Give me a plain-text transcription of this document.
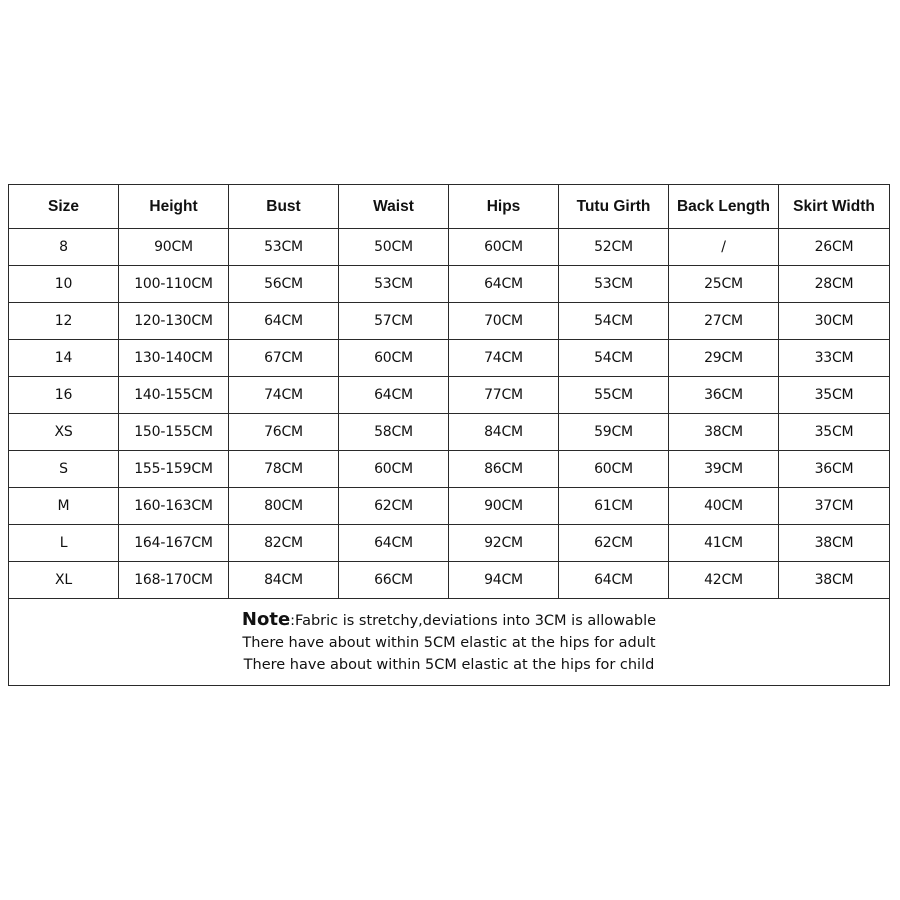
Size	Height	Bust	Waist	Hips	Tutu Girth	Back Length	Skirt Width
8	90CM	53CM	50CM	60CM	52CM	/	26CM
10	100-110CM	56CM	53CM	64CM	53CM	25CM	28CM
12	120-130CM	64CM	57CM	70CM	54CM	27CM	30CM
14	130-140CM	67CM	60CM	74CM	54CM	29CM	33CM
16	140-155CM	74CM	64CM	77CM	55CM	36CM	35CM
XS	150-155CM	76CM	58CM	84CM	59CM	38CM	35CM
S	155-159CM	78CM	60CM	86CM	60CM	39CM	36CM
M	160-163CM	80CM	62CM	90CM	61CM	40CM	37CM
L	164-167CM	82CM	64CM	92CM	62CM	41CM	38CM
XL	168-170CM	84CM	66CM	94CM	64CM	42CM	38CM

Note:Fabric is stretchy,deviations into 3CM is allowable
There have about within 5CM elastic at the hips for adult
There have about within 5CM elastic at the hips for child							
